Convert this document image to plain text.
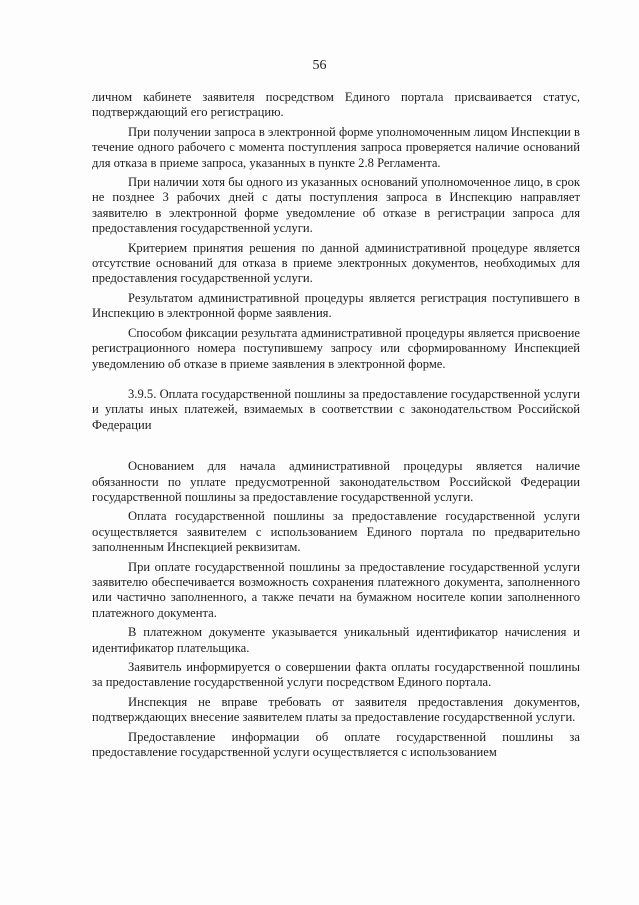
56

личном кабинете заявителя посредством Единого портала присваивается статус, подтверждающий его регистрацию.

При получении запроса в электронной форме уполномоченным лицом Инспекции в течение одного рабочего с момента поступления запроса проверяется наличие оснований для отказа в приеме запроса, указанных в пункте 2.8 Регламента.

При наличии хотя бы одного из указанных оснований уполномоченное лицо, в срок не позднее 3 рабочих дней с даты поступления запроса в Инспекцию направляет заявителю в электронной форме уведомление об отказе в регистрации запроса для предоставления государственной услуги.

Критерием принятия решения по данной административной процедуре является отсутствие оснований для отказа в приеме электронных документов, необходимых для предоставления государственной услуги.

Результатом административной процедуры является регистрация поступившего в Инспекцию в электронной форме заявления.

Способом фиксации результата административной процедуры является присвоение регистрационного номера поступившему запросу или сформированному Инспекцией уведомлению об отказе в приеме заявления в электронной форме.

3.9.5. Оплата государственной пошлины за предоставление государственной услуги и уплаты иных платежей, взимаемых в соответствии с законодательством Российской Федерации

Основанием для начала административной процедуры является наличие обязанности по уплате предусмотренной законодательством Российской Федерации государственной пошлины за предоставление государственной услуги.

Оплата государственной пошлины за предоставление государственной услуги осуществляется заявителем с использованием Единого портала по предварительно заполненным Инспекцией реквизитам.

При оплате государственной пошлины за предоставление государственной услуги заявителю обеспечивается возможность сохранения платежного документа, заполненного или частично заполненного, а также печати на бумажном носителе копии заполненного платежного документа.

В платежном документе указывается уникальный идентификатор начисления и идентификатор плательщика.

Заявитель информируется о совершении факта оплаты государственной пошлины за предоставление государственной услуги посредством Единого портала.

Инспекция не вправе требовать от заявителя предоставления документов, подтверждающих внесение заявителем платы за предоставление государственной услуги.

Предоставление информации об оплате государственной пошлины за предоставление государственной услуги осуществляется с использованием
